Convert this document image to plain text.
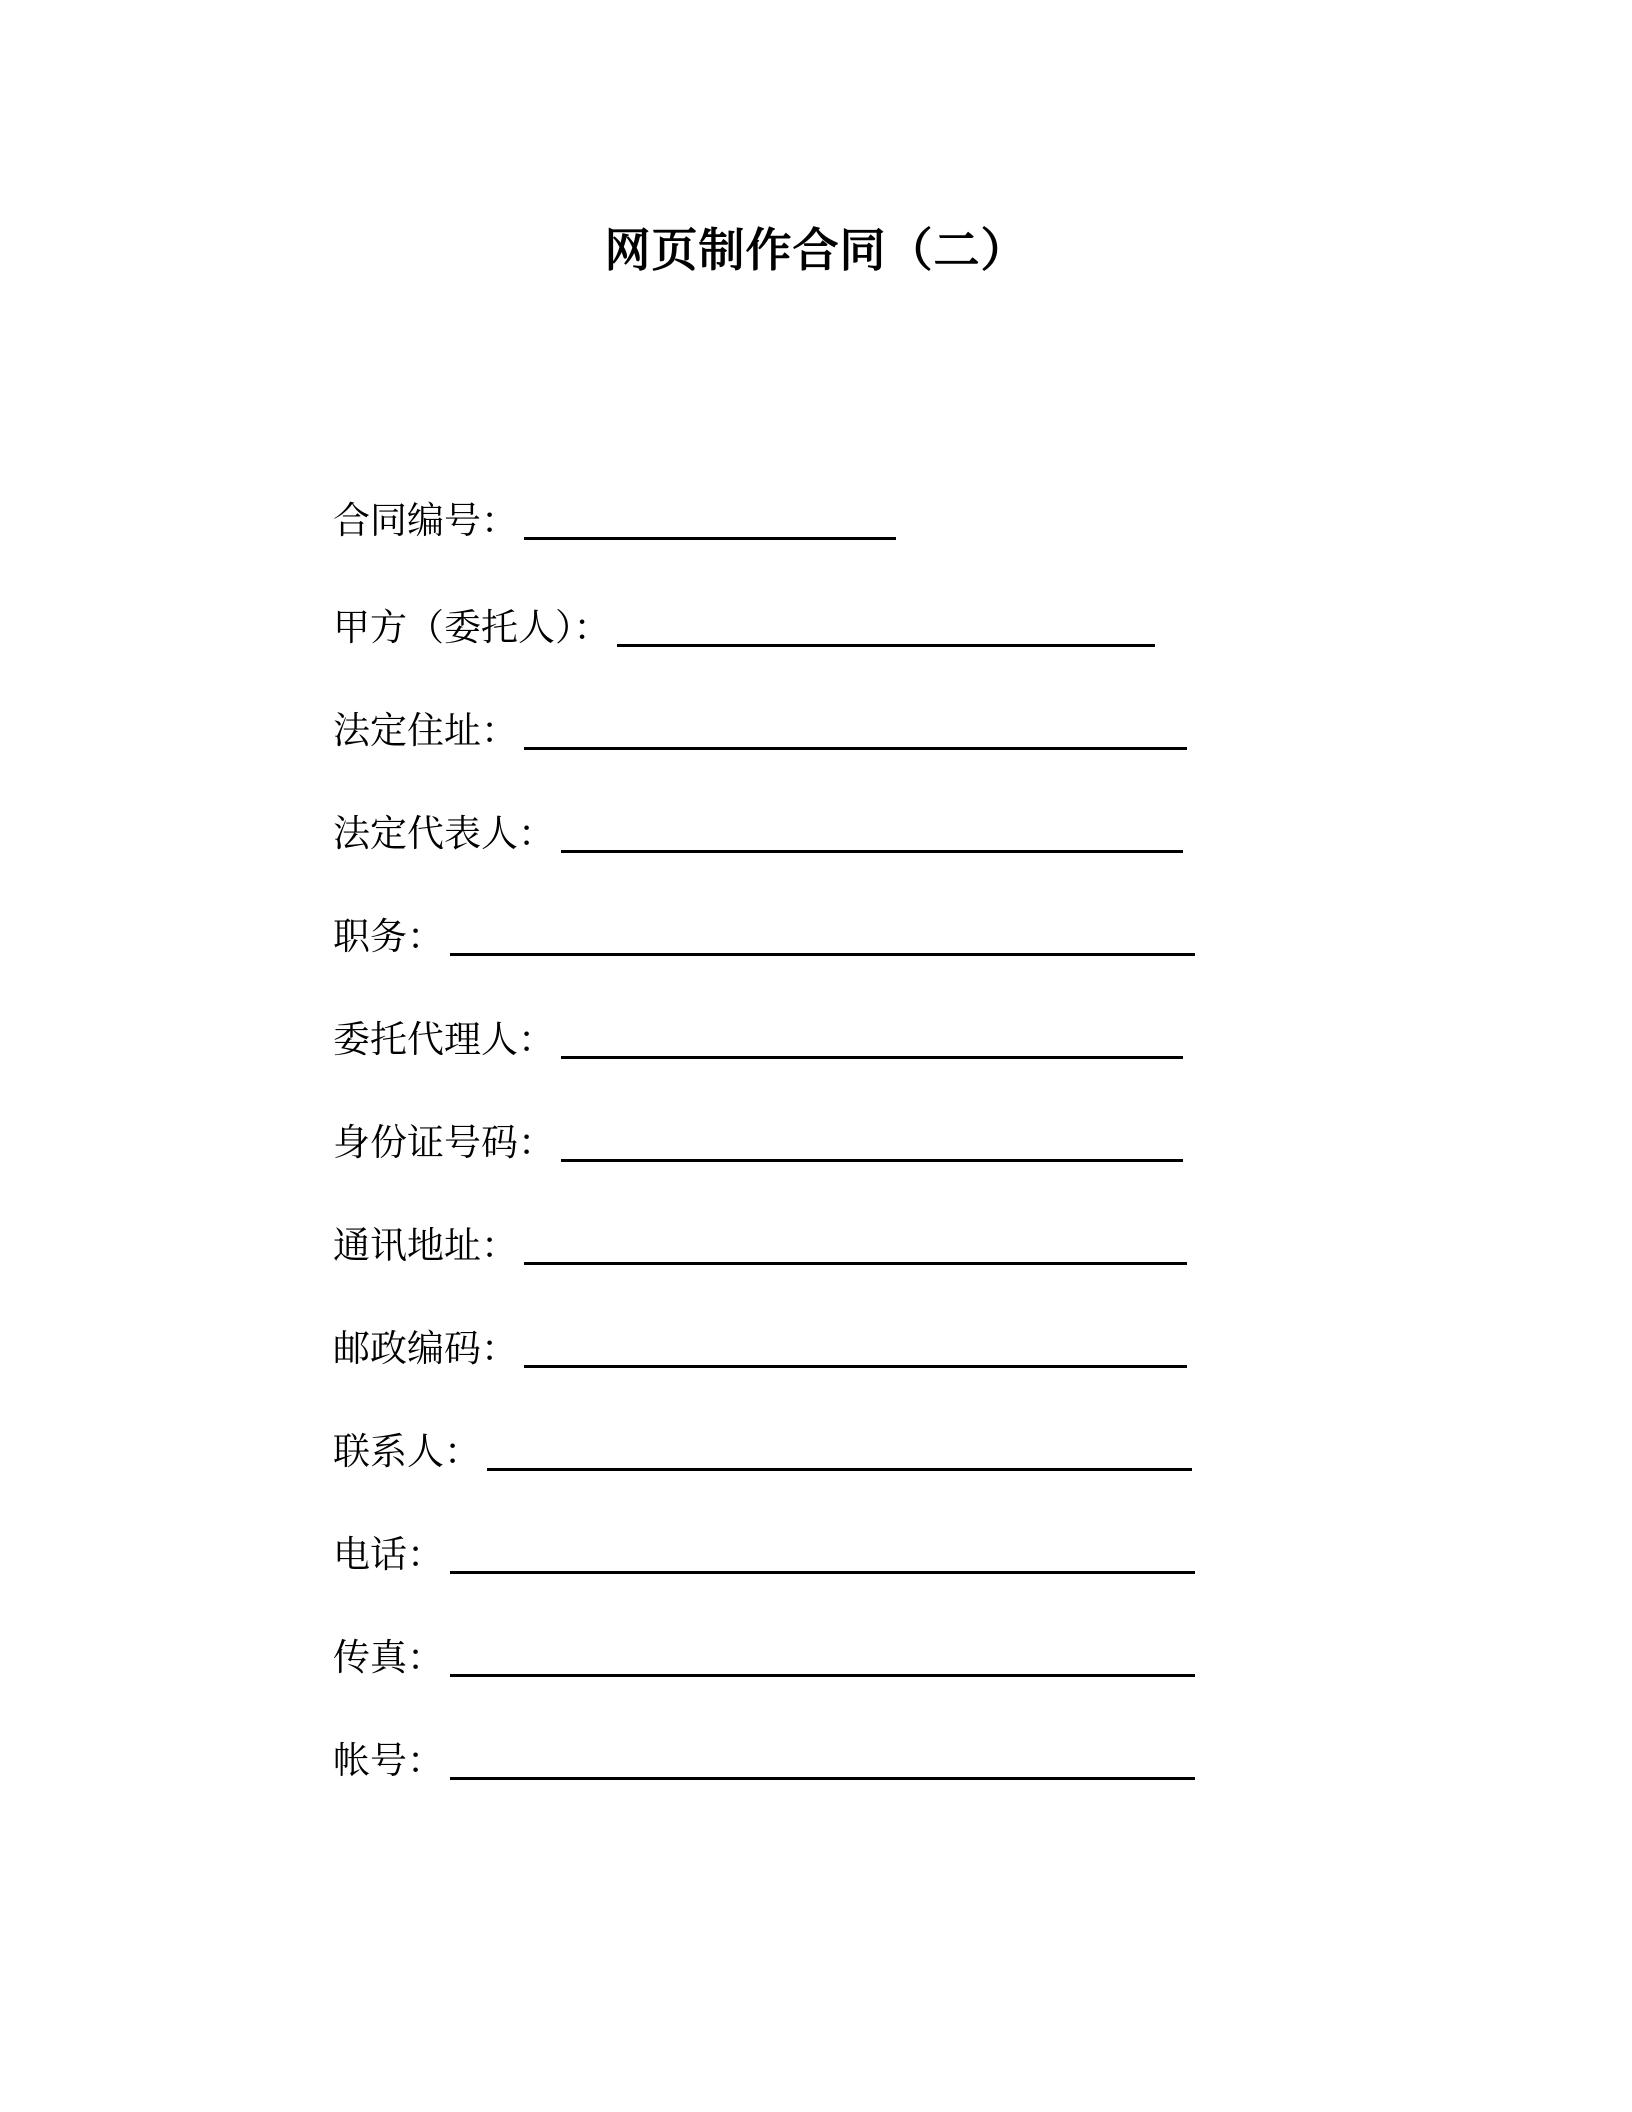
网页制作合同（二）
合同编号：
甲方（委托人）：
法定住址：
法定代表人：
职务：
委托代理人：
身份证号码：
通讯地址：
邮政编码：
联系人：
电话：
传真：
帐号：
